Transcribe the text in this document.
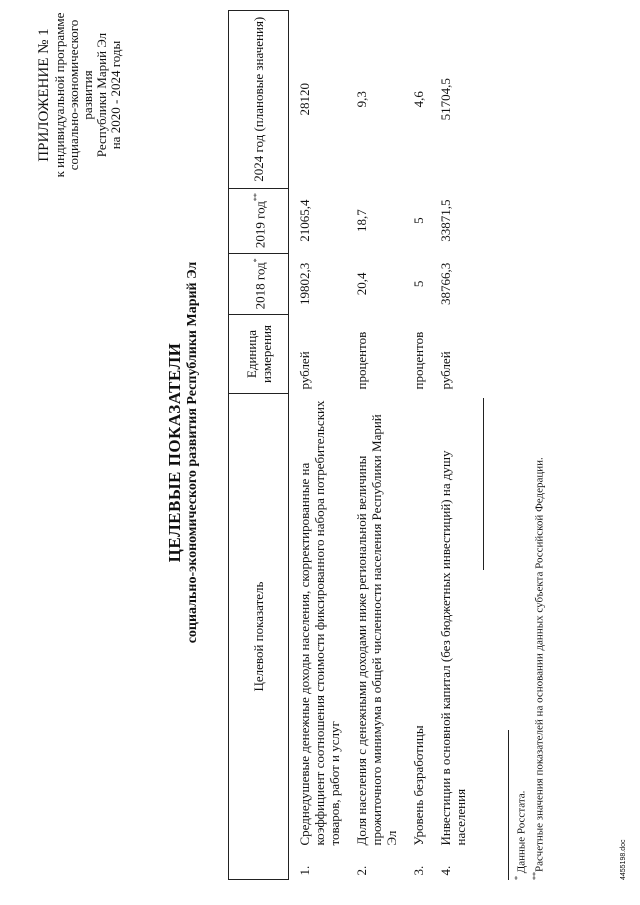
ПРИЛОЖЕНИЕ № 1 к индивидуальной программе социально-экономического развития Республики Марий Эл на 2020 - 2024 годы
ЦЕЛЕВЫЕ ПОКАЗАТЕЛИ социально-экономического развития Республики Марий Эл	Целевой показатель		Единица измерения	2018 год*	2019 год**	2024 год (плановые значения)
1.	Среднедушевые денежные доходы населения, скорректированные на коэффициент соотношения стоимости фиксированного набора потребительских товаров, работ и услуг	рублей	19802,3	21065,4	28120
2.	Доля населения с денежными доходами ниже региональной величины прожиточного минимума в общей численности населения Республики Марий Эл	процентов	20,4	18,7	9,3
3.	Уровень безработицы	процентов	5	5	4,6
4.	Инвестиции в основной капитал (без бюджетных инвестиций) на душу населения	рублей	38766,3	33871,5	51704,5
* Данные Росстата.
**Расчетные значения показателей на основании данных субъекта Российской Федерации.	4455198.doc
